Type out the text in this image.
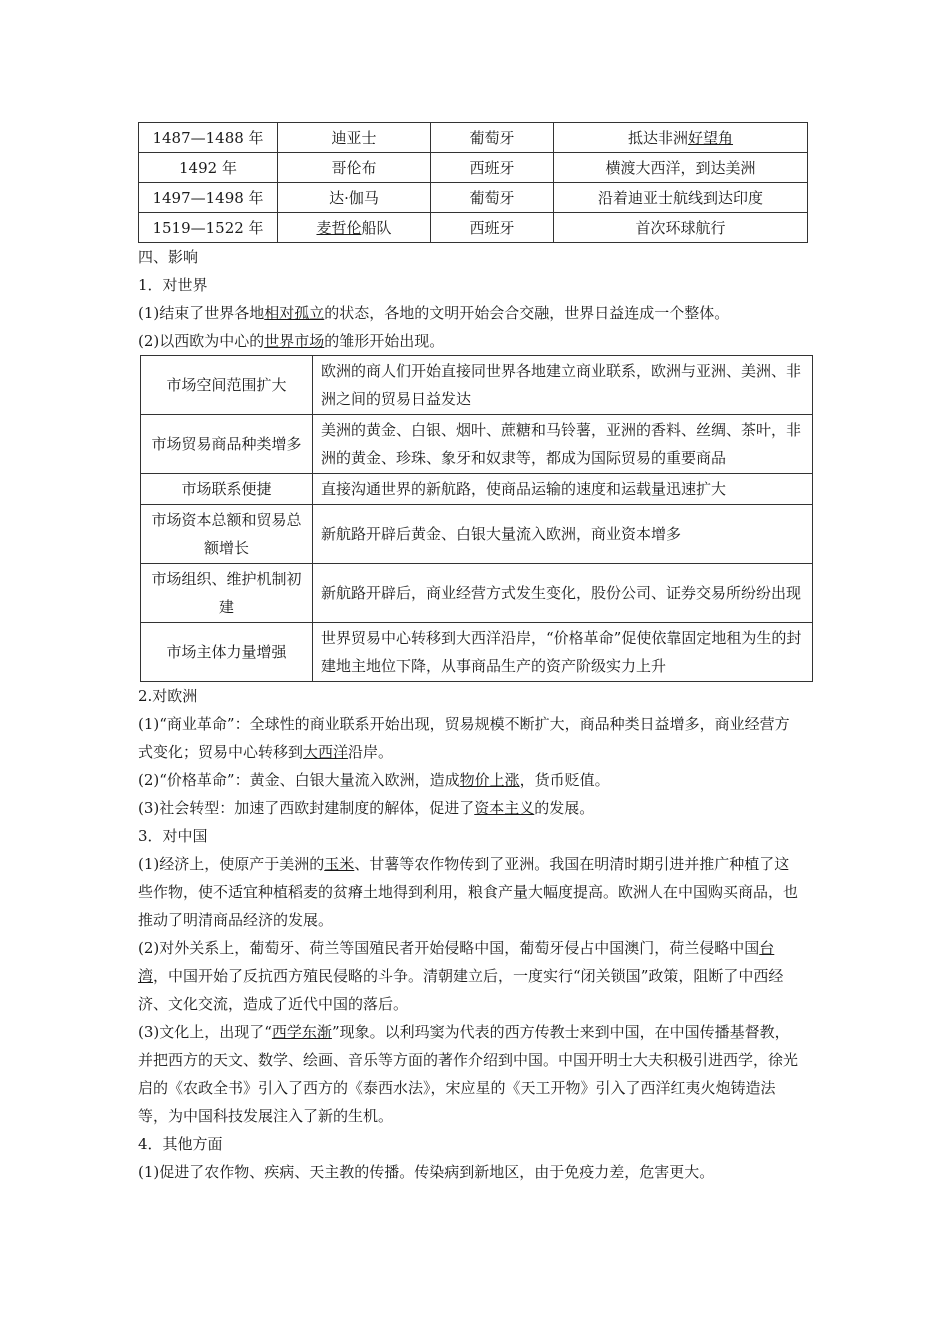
1487—1488 年	迪亚士	葡萄牙	抵达非洲好望角
1492 年	哥伦布	西班牙	横渡大西洋，到达美洲
1497—1498 年	达·伽马	葡萄牙	沿着迪亚士航线到达印度
1519—1522 年	麦哲伦船队	西班牙	首次环球航行

四、影响

1．对世界

(1)结束了世界各地相对孤立的状态，各地的文明开始会合交融，世界日益连成一个整体。

(2)以西欧为中心的世界市场的雏形开始出现。

市场空间范围扩大	欧洲的商人们开始直接同世界各地建立商业联系，欧洲与亚洲、美洲、非洲之间的贸易日益发达
市场贸易商品种类增多	美洲的黄金、白银、烟叶、蔗糖和马铃薯，亚洲的香料、丝绸、茶叶，非洲的黄金、珍珠、象牙和奴隶等，都成为国际贸易的重要商品
市场联系便捷	直接沟通世界的新航路，使商品运输的速度和运载量迅速扩大
市场资本总额和贸易总额增长	新航路开辟后黄金、白银大量流入欧洲，商业资本增多
市场组织、维护机制初建	新航路开辟后，商业经营方式发生变化，股份公司、证券交易所纷纷出现
市场主体力量增强	世界贸易中心转移到大西洋沿岸，“价格革命”促使依靠固定地租为生的封建地主地位下降，从事商品生产的资产阶级实力上升

2.对欧洲

(1)“商业革命”：全球性的商业联系开始出现，贸易规模不断扩大，商品种类日益增多，商业经营方式变化；贸易中心转移到大西洋沿岸。

(2)“价格革命”：黄金、白银大量流入欧洲，造成物价上涨，货币贬值。

(3)社会转型：加速了西欧封建制度的解体，促进了资本主义的发展。

3．对中国

(1)经济上，使原产于美洲的玉米、甘薯等农作物传到了亚洲。我国在明清时期引进并推广种植了这些作物，使不适宜种植稻麦的贫瘠土地得到利用，粮食产量大幅度提高。欧洲人在中国购买商品，也推动了明清商品经济的发展。

(2)对外关系上，葡萄牙、荷兰等国殖民者开始侵略中国，葡萄牙侵占中国澳门，荷兰侵略中国台湾，中国开始了反抗西方殖民侵略的斗争。清朝建立后，一度实行“闭关锁国”政策，阻断了中西经济、文化交流，造成了近代中国的落后。

(3)文化上，出现了“西学东渐”现象。以利玛窦为代表的西方传教士来到中国，在中国传播基督教，并把西方的天文、数学、绘画、音乐等方面的著作介绍到中国。中国开明士大夫积极引进西学，徐光启的《农政全书》引入了西方的《泰西水法》，宋应星的《天工开物》引入了西洋红夷火炮铸造法等，为中国科技发展注入了新的生机。

4．其他方面

(1)促进了农作物、疾病、天主教的传播。传染病到新地区，由于免疫力差，危害更大。
